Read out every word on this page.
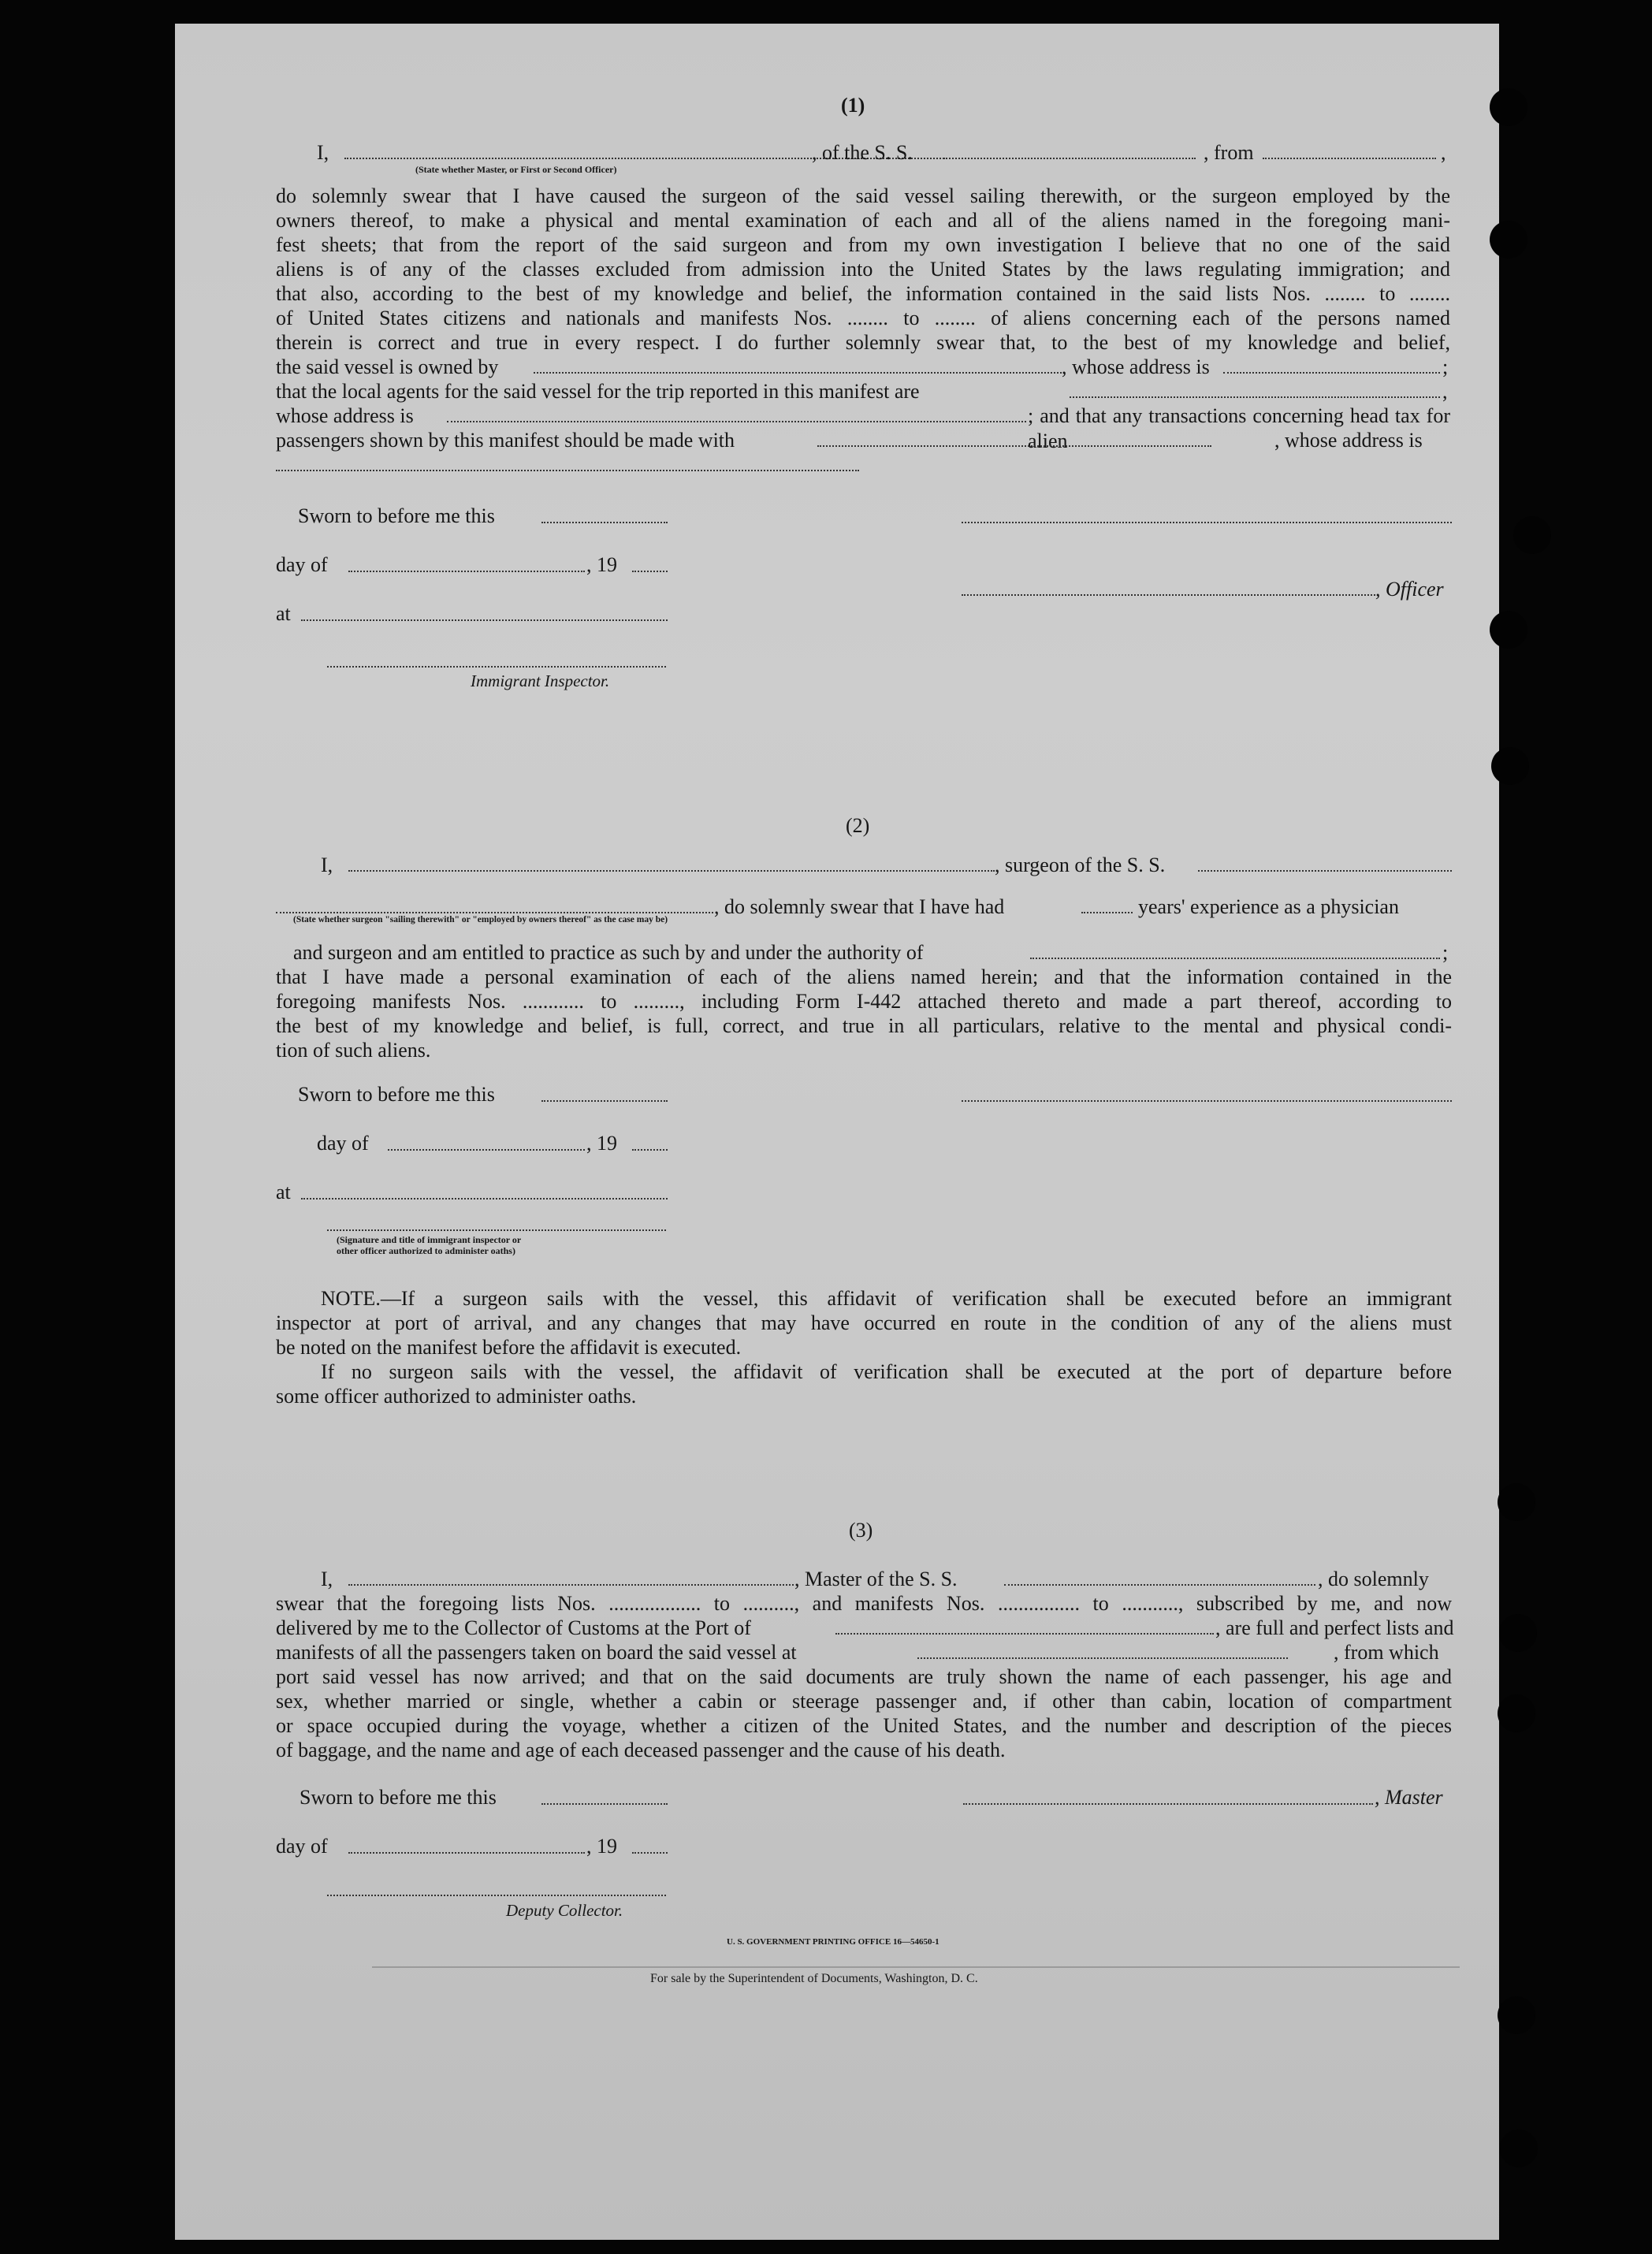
(1)
I,	, of the S. S.	, from	,
(State whether Master, or First or Second Officer)
do solemnly swear that I have caused the surgeon of the said vessel sailing therewith, or the surgeon employed by the
owners thereof, to make a physical and mental examination of each and all of the aliens named in the foregoing mani-
fest sheets; that from the report of the said surgeon and from my own investigation I believe that no one of the said
aliens is of any of the classes excluded from admission into the United States by the laws regulating immigration; and
that also, according to the best of my knowledge and belief, the information contained in the said lists Nos. ........ to ........
of United States citizens and nationals and manifests Nos. ........ to ........ of aliens concerning each of the persons named
therein is correct and true in every respect. I do further solemnly swear that, to the best of my knowledge and belief,
the said vessel is owned by	, whose address is	;
that the local agents for the said vessel for the trip reported in this manifest are	,
whose address is	; and that any transactions concerning head tax for alien
passengers shown by this manifest should be made with	, whose address is
Sworn to before me this
day of	, 19
, Officer
at
Immigrant Inspector.
(2)
I,	, surgeon of the S. S.
, do solemnly swear that I have had	years' experience as a physician
(State whether surgeon "sailing therewith" or "employed by owners thereof" as the case may be)
and surgeon and am entitled to practice as such by and under the authority of	;
that I have made a personal examination of each of the aliens named herein; and that the information contained in the
foregoing manifests Nos. ............ to ........., including Form I-442 attached thereto and made a part thereof, according to
the best of my knowledge and belief, is full, correct, and true in all particulars, relative to the mental and physical condi-
tion of such aliens.
Sworn to before me this
day of	, 19
at
(Signature and title of immigrant inspector or
other officer authorized to administer oaths)
NOTE.—If a surgeon sails with the vessel, this affidavit of verification shall be executed before an immigrant
inspector at port of arrival, and any changes that may have occurred en route in the condition of any of the aliens must
be noted on the manifest before the affidavit is executed.
If no surgeon sails with the vessel, the affidavit of verification shall be executed at the port of departure before
some officer authorized to administer oaths.
(3)
I,	, Master of the S. S.	, do solemnly
swear that the foregoing lists Nos. .................. to .........., and manifests Nos. ................ to ..........., subscribed by me, and now
delivered by me to the Collector of Customs at the Port of	, are full and perfect lists and
manifests of all the passengers taken on board the said vessel at	, from which
port said vessel has now arrived; and that on the said documents are truly shown the name of each passenger, his age and
sex, whether married or single, whether a cabin or steerage passenger and, if other than cabin, location of compartment
or space occupied during the voyage, whether a citizen of the United States, and the number and description of the pieces
of baggage, and the name and age of each deceased passenger and the cause of his death.
Sworn to before me this	, Master
day of	, 19
Deputy Collector.
U. S. GOVERNMENT PRINTING OFFICE 16—54650-1
For sale by the Superintendent of Documents, Washington, D. C.
